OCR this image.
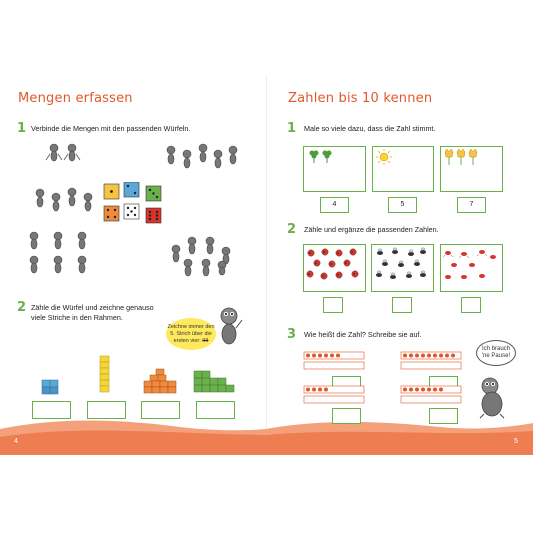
4	5
Mengen erfassen
1 Verbinde die Mengen mit den passenden Würfeln.
2 Zähle die Würfel und zeichne genauso
viele Striche in den Rahmen.
Zeichne immer den
5. Strich über die
ersten vier: IIII
Zahlen bis 10 kennen
1 Male so viele dazu, dass die Zahl stimmt.
4	5	7
2 Zähle und ergänze die passenden Zahlen.
3 Wie heißt die Zahl? Schreibe sie auf.
Ich brauch
'ne Pause!
